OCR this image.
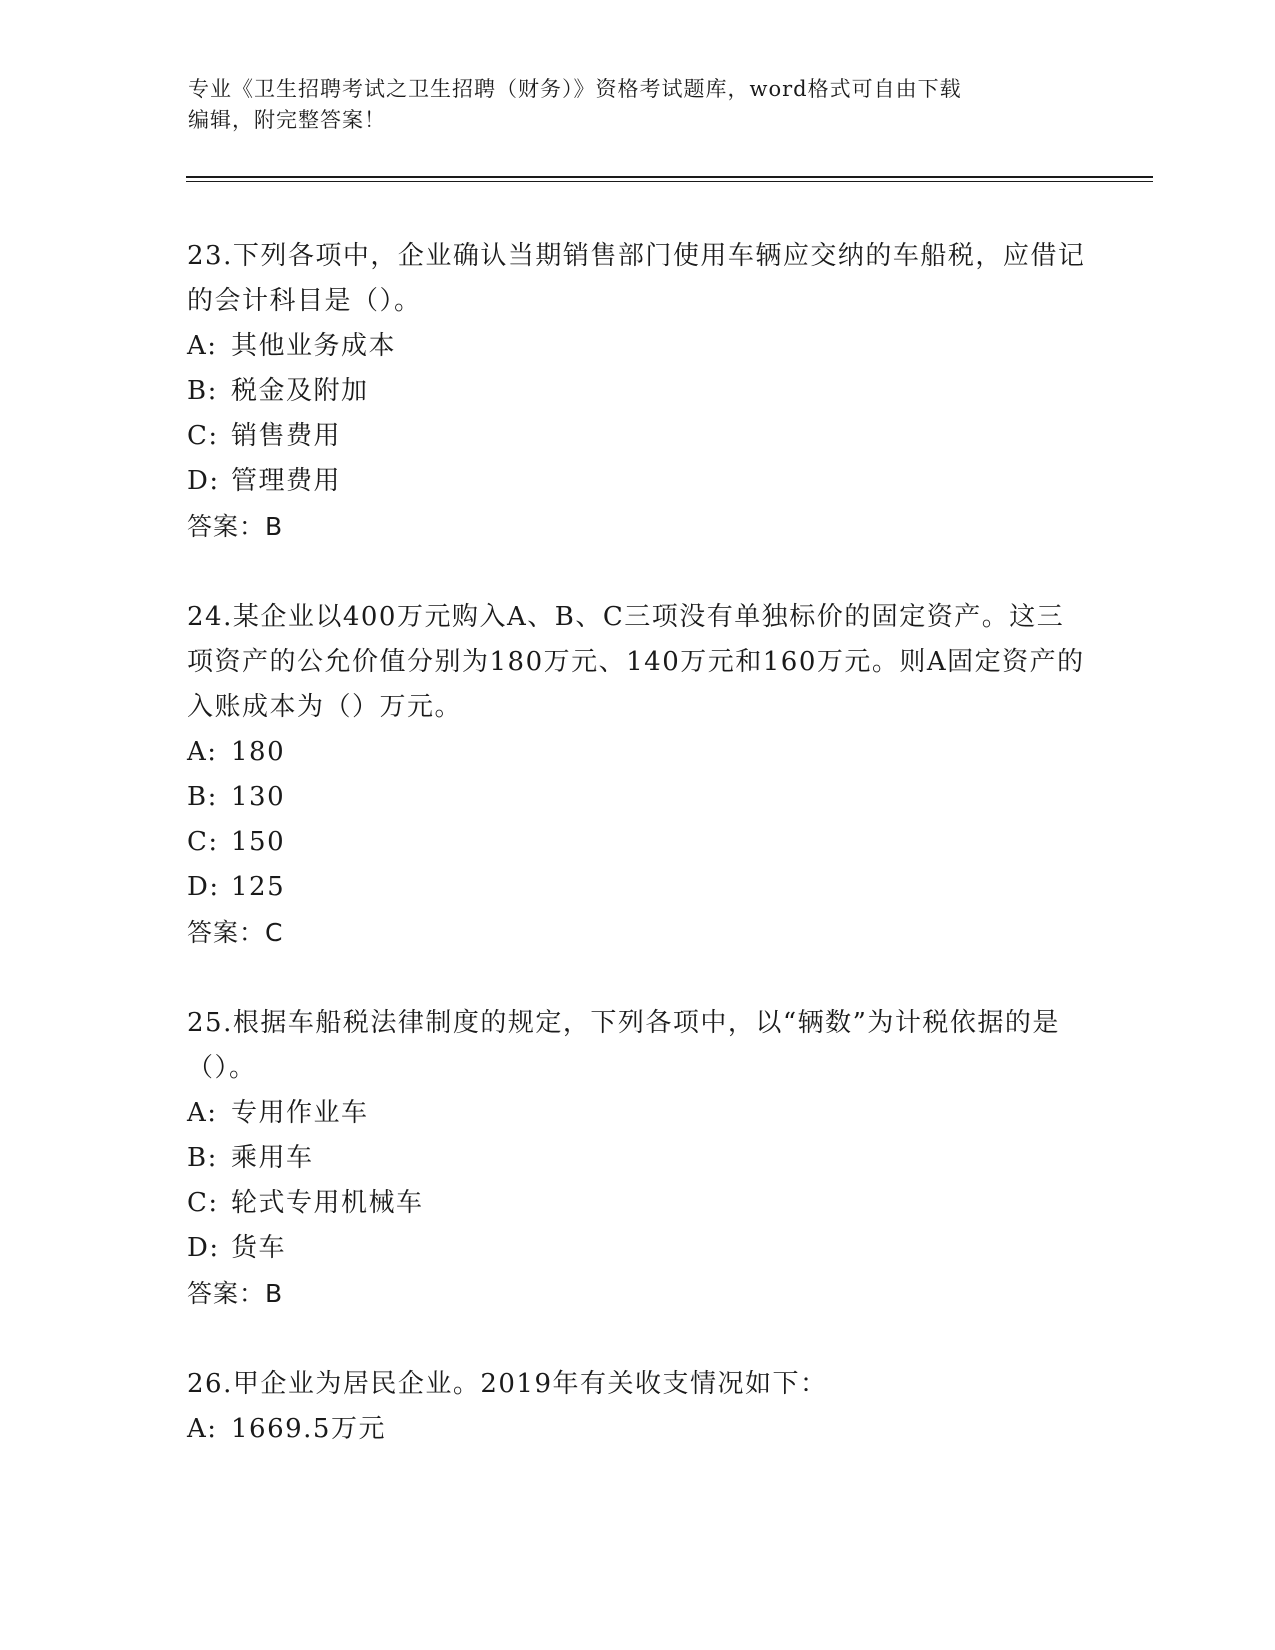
专业《卫生招聘考试之卫生招聘（财务）》资格考试题库，word格式可自由下载
编辑，附完整答案！
23.下列各项中，企业确认当期销售部门使用车辆应交纳的车船税，应借记的会计科目是（）。
A: 其他业务成本
B: 税金及附加
C: 销售费用
D: 管理费用
答案：B
24.某企业以400万元购入A、B、C三项没有单独标价的固定资产。这三项资产的公允价值分别为180万元、140万元和160万元。则A固定资产的入账成本为（）万元。
A: 180
B: 130
C: 150
D: 125
答案：C
25.根据车船税法律制度的规定，下列各项中，以“辆数”为计税依据的是（）。
A: 专用作业车
B: 乘用车
C: 轮式专用机械车
D: 货车
答案：B
26.甲企业为居民企业。2019年有关收支情况如下：
A: 1669.5万元
